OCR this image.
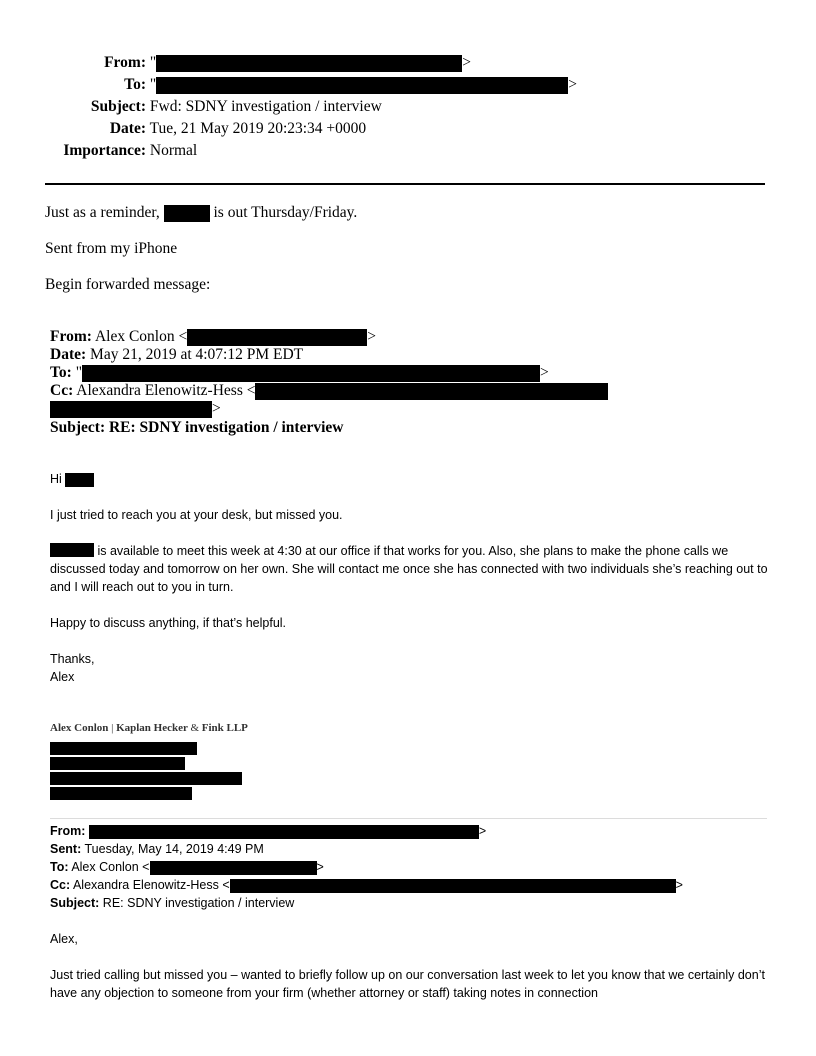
From: "	>
To: "	>
Subject: Fwd: SDNY investigation / interview
Date: Tue, 21 May 2019 20:23:34 +0000
Importance: Normal
Just as a reminder,	is out Thursday/Friday.
Sent from my iPhone
Begin forwarded message:
From: Alex Conlon <	>
Date: May 21, 2019 at 4:07:12 PM EDT
To: "	>
Cc: Alexandra Elenowitz-Hess <
>
Subject: RE: SDNY investigation / interview
Hi
I just tried to reach you at your desk, but missed you.
is available to meet this week at 4:30 at our office if that works for you. Also, she plans to make the phone calls we discussed today and tomorrow on her own. She will contact me once she has connected with two individuals she’s reaching out to and I will reach out to you in turn.
Happy to discuss anything, if that’s helpful.
Thanks,
Alex
Alex Conlon | Kaplan Hecker & Fink LLP
From:	>
Sent: Tuesday, May 14, 2019 4:49 PM
To: Alex Conlon <	>
Cc: Alexandra Elenowitz-Hess <	>
Subject: RE: SDNY investigation / interview
Alex,
Just tried calling but missed you – wanted to briefly follow up on our conversation last week to let you know that we certainly don’t have any objection to someone from your firm (whether attorney or staff) taking notes in connection
